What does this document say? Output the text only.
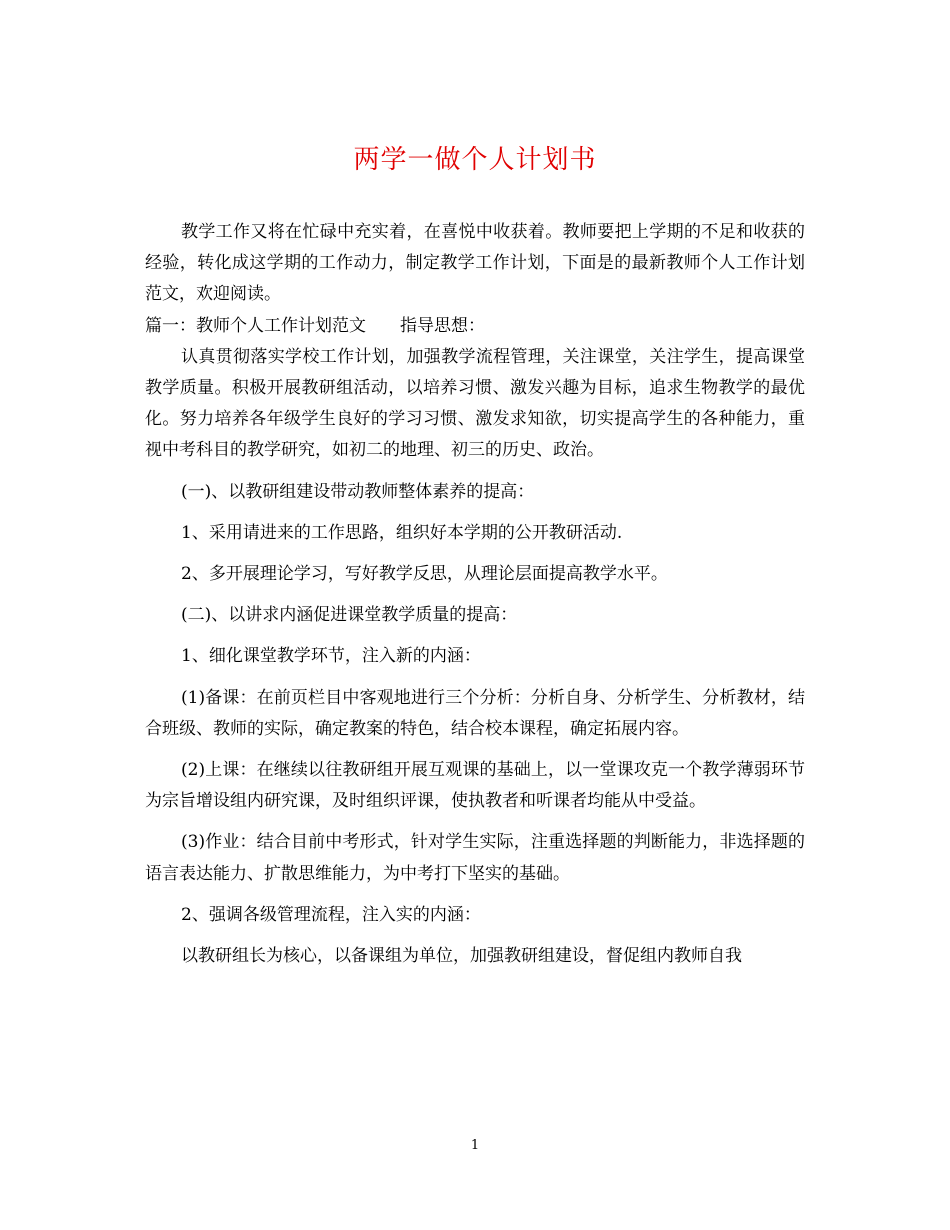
两学一做个人计划书

教学工作又将在忙碌中充实着，在喜悦中收获着。教师要把上学期的不足和收获的经验，转化成这学期的工作动力，制定教学工作计划，下面是的最新教师个人工作计划范文，欢迎阅读。

篇一：教师个人工作计划范文　　指导思想：

认真贯彻落实学校工作计划，加强教学流程管理，关注课堂，关注学生，提高课堂教学质量。积极开展教研组活动，以培养习惯、激发兴趣为目标，追求生物教学的最优化。努力培养各年级学生良好的学习习惯、激发求知欲，切实提高学生的各种能力，重视中考科目的教学研究，如初二的地理、初三的历史、政治。

(一)、以教研组建设带动教师整体素养的提高：

1、采用请进来的工作思路，组织好本学期的公开教研活动.

2、多开展理论学习，写好教学反思，从理论层面提高教学水平。

(二)、以讲求内涵促进课堂教学质量的提高：

1、细化课堂教学环节，注入新的内涵：

(1)备课：在前页栏目中客观地进行三个分析：分析自身、分析学生、分析教材，结合班级、教师的实际，确定教案的特色，结合校本课程，确定拓展内容。

(2)上课：在继续以往教研组开展互观课的基础上，以一堂课攻克一个教学薄弱环节为宗旨增设组内研究课，及时组织评课，使执教者和听课者均能从中受益。

(3)作业：结合目前中考形式，针对学生实际，注重选择题的判断能力，非选择题的语言表达能力、扩散思维能力，为中考打下坚实的基础。

2、强调各级管理流程，注入实的内涵：

以教研组长为核心，以备课组为单位，加强教研组建设，督促组内教师自我

1
